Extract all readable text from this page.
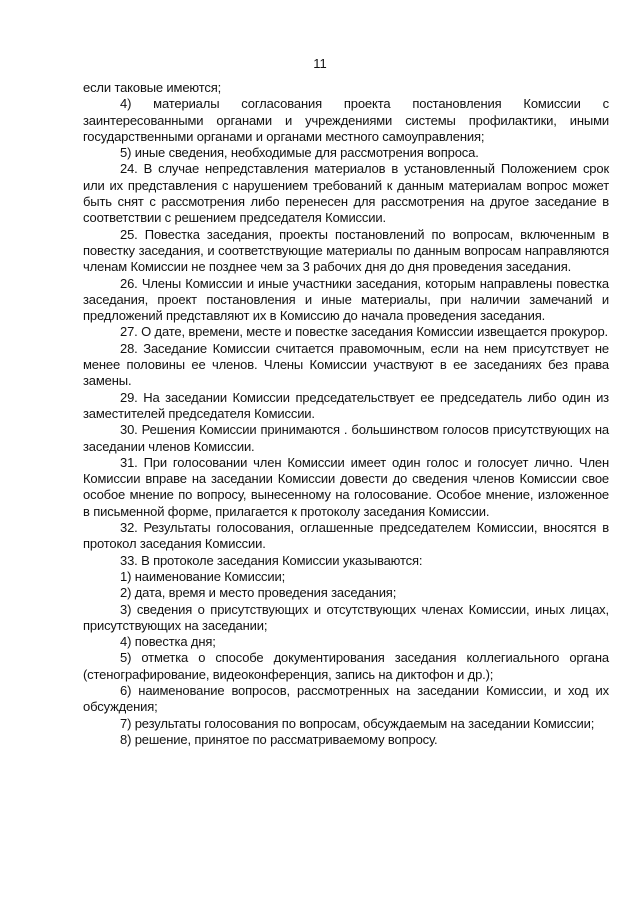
11

если таковые имеются;

4) материалы согласования проекта постановления Комиссии с заинтересованными органами и учреждениями системы профилактики, иными государственными органами и органами местного самоуправления;

5) иные сведения, необходимые для рассмотрения вопроса.

24. В случае непредставления материалов в установленный Положением срок или их представления с нарушением требований к данным материалам вопрос может быть снят с рассмотрения либо перенесен для рассмотрения на другое заседание в соответствии с решением председателя Комиссии.

25. Повестка заседания, проекты постановлений по вопросам, включенным в повестку заседания, и соответствующие материалы по данным вопросам направляются членам Комиссии не позднее чем за 3 рабочих дня до дня проведения заседания.

26. Члены Комиссии и иные участники заседания, которым направлены повестка заседания, проект постановления и иные материалы, при наличии замечаний и предложений представляют их в Комиссию до начала проведения заседания.

27. О дате, времени, месте и повестке заседания Комиссии извещается прокурор.

28. Заседание Комиссии считается правомочным, если на нем присутствует не менее половины ее членов. Члены Комиссии участвуют в ее заседаниях без права замены.

29. На заседании Комиссии председательствует ее председатель либо один из заместителей председателя Комиссии.

30. Решения Комиссии принимаются . большинством голосов присутствующих на заседании членов Комиссии.

31. При голосовании член Комиссии имеет один голос и голосует лично. Член Комиссии вправе на заседании Комиссии довести до сведения членов Комиссии свое особое мнение по вопросу, вынесенному на голосование. Особое мнение, изложенное в письменной форме, прилагается к протоколу заседания Комиссии.

32. Результаты голосования, оглашенные председателем Комиссии, вносятся в протокол заседания Комиссии.

33. В протоколе заседания Комиссии указываются:

1) наименование Комиссии;

2) дата, время и место проведения заседания;

3) сведения о присутствующих и отсутствующих членах Комиссии, иных лицах, присутствующих на заседании;

4) повестка дня;

5) отметка о способе документирования заседания коллегиального органа (стенографирование, видеоконференция, запись на диктофон и др.);

6) наименование вопросов, рассмотренных на заседании Комиссии, и ход их обсуждения;

7) результаты голосования по вопросам, обсуждаемым на заседании Комиссии;

8) решение, принятое по рассматриваемому вопросу.
